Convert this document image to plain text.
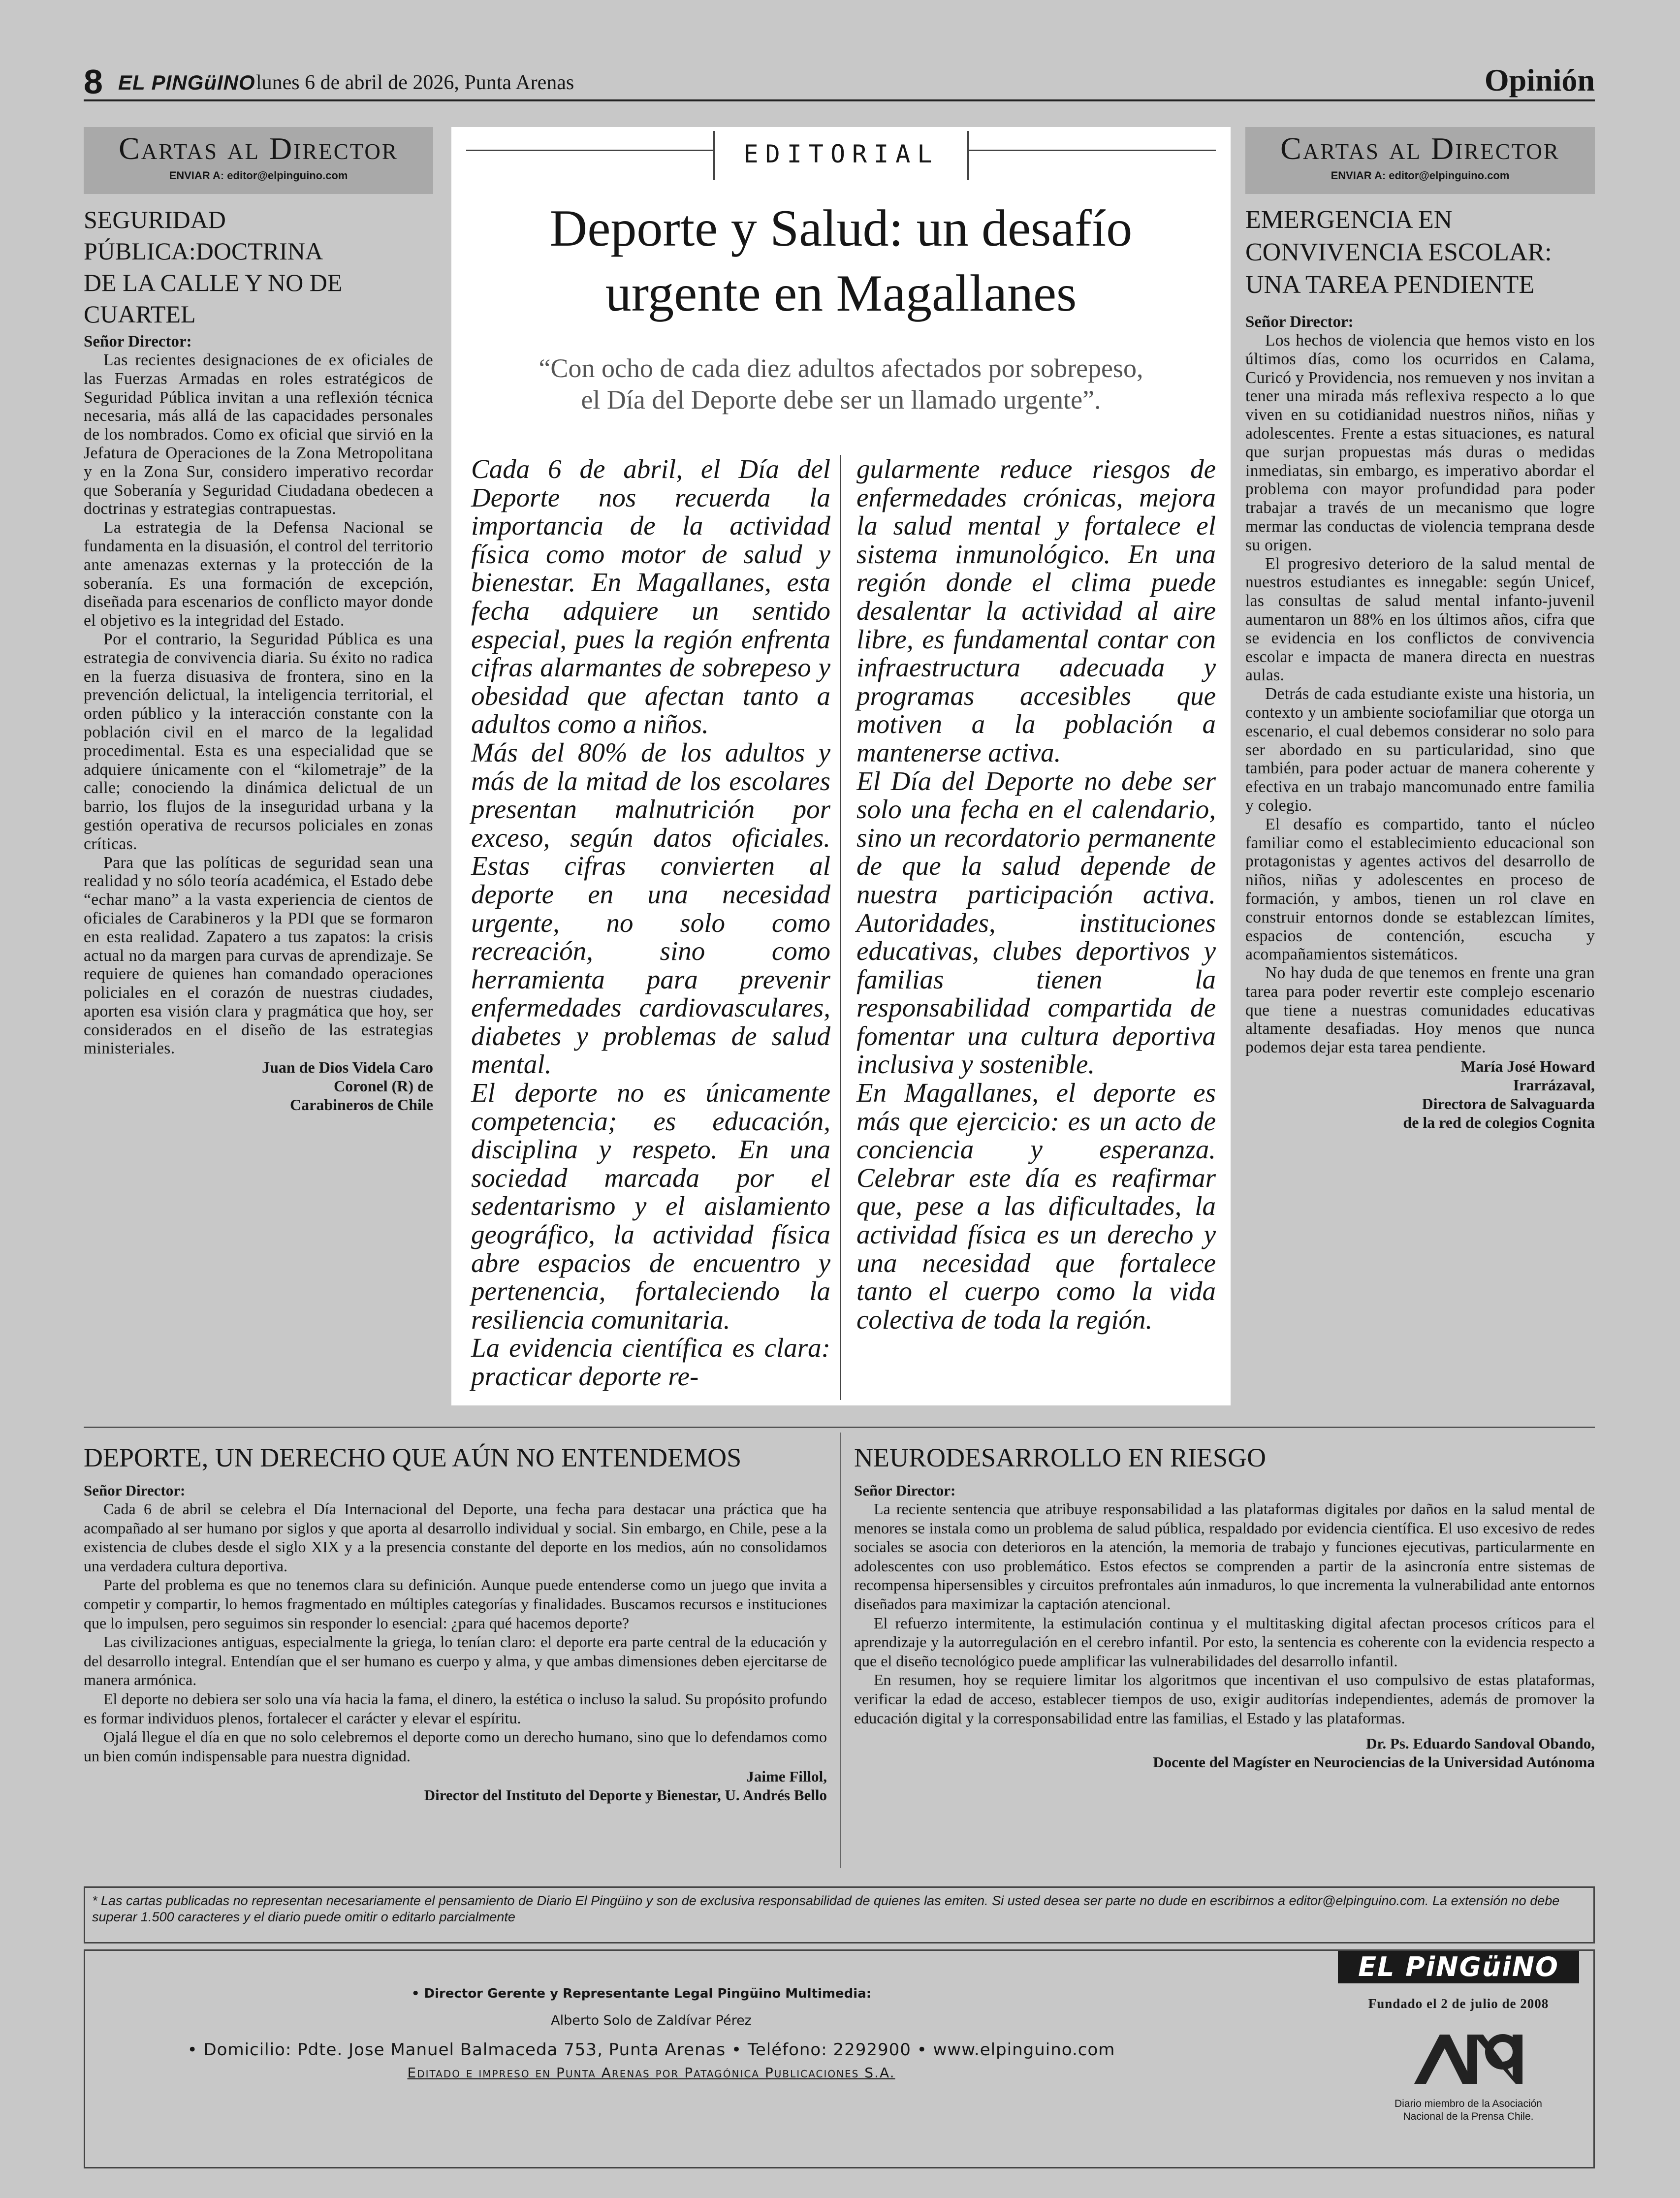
8 EL PINGüINO lunes 6 de abril de 2026, Punta Arenas	Opinión
Cartas al Director
ENVIAR A: editor@elpinguino.com
SEGURIDAD
PÚBLICA:DOCTRINA
DE LA CALLE Y NO DE
CUARTEL
Señor Director:

Las recientes designaciones de ex oficiales de las Fuerzas Armadas en roles estratégicos de Seguridad Pública invitan a una reflexión técnica necesaria, más allá de las capacidades personales de los nombrados. Como ex oficial que sirvió en la Jefatura de Operaciones de la Zona Metropolitana y en la Zona Sur, considero imperativo recordar que Soberanía y Seguridad Ciudadana obedecen a doctrinas y estrategias contrapuestas.

La estrategia de la Defensa Nacional se fundamenta en la disuasión, el control del territorio ante amenazas externas y la protección de la soberanía. Es una formación de excepción, diseñada para escenarios de conflicto mayor donde el objetivo es la integridad del Estado.

Por el contrario, la Seguridad Pública es una estrategia de convivencia diaria. Su éxito no radica en la fuerza disuasiva de frontera, sino en la prevención delictual, la inteligencia territorial, el orden público y la interacción constante con la población civil en el marco de la legalidad procedimental. Esta es una especialidad que se adquiere únicamente con el “kilometraje” de la calle; conociendo la dinámica delictual de un barrio, los flujos de la inseguridad urbana y la gestión operativa de recursos policiales en zonas críticas.

Para que las políticas de seguridad sean una realidad y no sólo teoría académica, el Estado debe “echar mano” a la vasta experiencia de cientos de oficiales de Carabineros y la PDI que se formaron en esta realidad. Zapatero a tus zapatos: la crisis actual no da margen para curvas de aprendizaje. Se requiere de quienes han comandado operaciones policiales en el corazón de nuestras ciudades, aporten esa visión clara y pragmática que hoy, ser considerados en el diseño de las estrategias ministeriales.

Juan de Dios Videla Caro
Coronel (R) de
Carabineros de Chile
EDITORIAL
Deporte y Salud: un desafío
urgente en Magallanes
“Con ocho de cada diez adultos afectados por sobrepeso,
el Día del Deporte debe ser un llamado urgente”.

Cada 6 de abril, el Día del Deporte nos recuerda la importancia de la actividad física como motor de salud y bienestar. En Magallanes, esta fecha adquiere un sentido especial, pues la región enfrenta cifras alarmantes de sobrepeso y obesidad que afectan tanto a adultos como a niños.

Más del 80% de los adultos y más de la mitad de los escolares presentan malnutrición por exceso, según datos oficiales. Estas cifras convierten al deporte en una necesidad urgente, no solo como recreación, sino como herramienta para prevenir enfermedades cardiovasculares, diabetes y problemas de salud mental.

El deporte no es únicamente competencia; es educación, disciplina y respeto. En una sociedad marcada por el sedentarismo y el aislamiento geográfico, la actividad física abre espacios de encuentro y pertenencia, fortaleciendo la resiliencia comunitaria.

La evidencia científica es clara: practicar deporte re-

gularmente reduce riesgos de enfermedades crónicas, mejora la salud mental y fortalece el sistema inmunológico. En una región donde el clima puede desalentar la actividad al aire libre, es fundamental contar con infraestructura adecuada y programas accesibles que motiven a la población a mantenerse activa.

El Día del Deporte no debe ser solo una fecha en el calendario, sino un recordatorio permanente de que la salud depende de nuestra participación activa. Autoridades, instituciones educativas, clubes deportivos y familias tienen la responsabilidad compartida de fomentar una cultura deportiva inclusiva y sostenible.

En Magallanes, el deporte es más que ejercicio: es un acto de conciencia y esperanza. Celebrar este día es reafirmar que, pese a las dificultades, la actividad física es un derecho y una necesidad que fortalece tanto el cuerpo como la vida colectiva de toda la región.

Cartas al Director
ENVIAR A: editor@elpinguino.com
EMERGENCIA EN
CONVIVENCIA ESCOLAR:
UNA TAREA PENDIENTE
Señor Director:

Los hechos de violencia que hemos visto en los últimos días, como los ocurridos en Calama, Curicó y Providencia, nos remueven y nos invitan a tener una mirada más reflexiva respecto a lo que viven en su cotidianidad nuestros niños, niñas y adolescentes. Frente a estas situaciones, es natural que surjan propuestas más duras o medidas inmediatas, sin embargo, es imperativo abordar el problema con mayor profundidad para poder trabajar a través de un mecanismo que logre mermar las conductas de violencia temprana desde su origen.

El progresivo deterioro de la salud mental de nuestros estudiantes es innegable: según Unicef, las consultas de salud mental infanto-juvenil aumentaron un 88% en los últimos años, cifra que se evidencia en los conflictos de convivencia escolar e impacta de manera directa en nuestras aulas.

Detrás de cada estudiante existe una historia, un contexto y un ambiente sociofamiliar que otorga un escenario, el cual debemos considerar no solo para ser abordado en su particularidad, sino que también, para poder actuar de manera coherente y efectiva en un trabajo mancomunado entre familia y colegio.

El desafío es compartido, tanto el núcleo familiar como el establecimiento educacional son protagonistas y agentes activos del desarrollo de niños, niñas y adolescentes en proceso de formación, y ambos, tienen un rol clave en construir entornos donde se establezcan límites, espacios de contención, escucha y acompañamientos sistemáticos.

No hay duda de que tenemos en frente una gran tarea para poder revertir este complejo escenario que tiene a nuestras comunidades educativas altamente desafiadas. Hoy menos que nunca podemos dejar esta tarea pendiente.

María José Howard
Irarrázaval,
Directora de Salvaguarda
de la red de colegios Cognita
DEPORTE, UN DERECHO QUE AÚN NO ENTENDEMOS
Señor Director:

Cada 6 de abril se celebra el Día Internacional del Deporte, una fecha para destacar una práctica que ha acompañado al ser humano por siglos y que aporta al desarrollo individual y social. Sin embargo, en Chile, pese a la existencia de clubes desde el siglo XIX y a la presencia constante del deporte en los medios, aún no consolidamos una verdadera cultura deportiva.

Parte del problema es que no tenemos clara su definición. Aunque puede entenderse como un juego que invita a competir y compartir, lo hemos fragmentado en múltiples categorías y finalidades. Buscamos recursos e instituciones que lo impulsen, pero seguimos sin responder lo esencial: ¿para qué hacemos deporte?

Las civilizaciones antiguas, especialmente la griega, lo tenían claro: el deporte era parte central de la educación y del desarrollo integral. Entendían que el ser humano es cuerpo y alma, y que ambas dimensiones deben ejercitarse de manera armónica.

El deporte no debiera ser solo una vía hacia la fama, el dinero, la estética o incluso la salud. Su propósito profundo es formar individuos plenos, fortalecer el carácter y elevar el espíritu.

Ojalá llegue el día en que no solo celebremos el deporte como un derecho humano, sino que lo defendamos como un bien común indispensable para nuestra dignidad.

Jaime Fillol,
Director del Instituto del Deporte y Bienestar, U. Andrés Bello
NEURODESARROLLO EN RIESGO
Señor Director:

La reciente sentencia que atribuye responsabilidad a las plataformas digitales por daños en la salud mental de menores se instala como un problema de salud pública, respaldado por evidencia científica. El uso excesivo de redes sociales se asocia con deterioros en la atención, la memoria de trabajo y funciones ejecutivas, particularmente en adolescentes con uso problemático. Estos efectos se comprenden a partir de la asincronía entre sistemas de recompensa hipersensibles y circuitos prefrontales aún inmaduros, lo que incrementa la vulnerabilidad ante entornos diseñados para maximizar la captación atencional.

El refuerzo intermitente, la estimulación continua y el multitasking digital afectan procesos críticos para el aprendizaje y la autorregulación en el cerebro infantil. Por esto, la sentencia es coherente con la evidencia respecto a que el diseño tecnológico puede amplificar las vulnerabilidades del desarrollo infantil.

En resumen, hoy se requiere limitar los algoritmos que incentivan el uso compulsivo de estas plataformas, verificar la edad de acceso, establecer tiempos de uso, exigir auditorías independientes, además de promover la educación digital y la corresponsabilidad entre las familias, el Estado y las plataformas.

Dr. Ps. Eduardo Sandoval Obando,
Docente del Magíster en Neurociencias de la Universidad Autónoma
* Las cartas publicadas no representan necesariamente el pensamiento de Diario El Pingüino y son de exclusiva responsabilidad de quienes las emiten. Si usted desea ser parte no dude en escribirnos a editor@elpinguino.com. La extensión no debe superar 1.500 caracteres y el diario puede omitir o editarlo parcialmente
• Director Gerente y Representante Legal Pingüino Multimedia:
Alberto Solo de Zaldívar Pérez
• Domicilio: Pdte. Jose Manuel Balmaceda 753, Punta Arenas • Teléfono: 2292900 • www.elpinguino.com
Editado e impreso en Punta Arenas por Patagónica Publicaciones S.A.
EL PiNGüiNO
Fundado el 2 de julio de 2008
Diario miembro de la Asociación
Nacional de la Prensa Chile.
